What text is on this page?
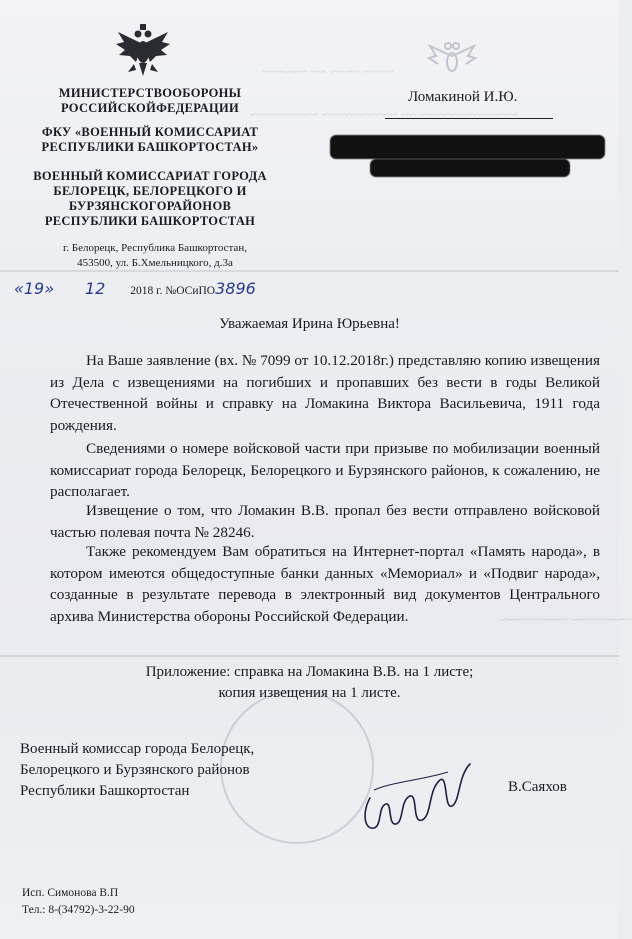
~~~~~~ ~~ ~~~~ ~~~~
~~~~~~~~~ ~~~~~~~~~~ ~~ ~~~~~~~~~~~~~
~~~~~~~~~ ~~~~~~~~
МИНИСТЕРСТВООБОРОНЫ
РОССИЙСКОЙФЕДЕРАЦИИ
ФКУ «ВОЕННЫЙ КОМИССАРИАТ
РЕСПУБЛИКИ БАШКОРТОСТАН»
ВОЕННЫЙ КОМИССАРИАТ ГОРОДА
БЕЛОРЕЦК, БЕЛОРЕЦКОГО И
БУРЗЯНСКОГОРАЙОНОВ
РЕСПУБЛИКИ БАШКОРТОСТАН
г. Белорецк, Республика Башкортостан,
453500, ул. Б.Хмельницкого, д.3а
Ломакиной И.Ю.
«19» 12 2018 г. №ОСиПО3896
Уважаемая Ирина Юрьевна!

На Ваше заявление (вх. № 7099 от 10.12.2018г.) представляю копию извещения из Дела с извещениями на погибших и пропавших без вести в годы Великой Отечественной войны и справку на Ломакина Виктора Васильевича, 1911 года рождения.

Сведениями о номере войсковой части при призыве по мобилизации военный комиссариат города Белорецк, Белорецкого и Бурзянского районов, к сожалению, не располагает.

Извещение о том, что Ломакин В.В. пропал без вести отправлено войсковой частью полевая почта № 28246.

Также рекомендуем Вам обратиться на Интернет-портал «Память народа», в котором имеются общедоступные банки данных «Мемориал» и «Подвиг народа», созданные в результате перевода в электронный вид документов Центрального архива Министерства обороны Российской Федерации.

Приложение: справка на Ломакина В.В. на 1 листе;
копия извещения на 1 листе.
Военный комиссар города Белорецк,
Белорецкого и Бурзянского районов
Республики Башкортостан	В.Саяхов
Исп. Симонова В.П
Тел.: 8-(34792)-3-22-90
